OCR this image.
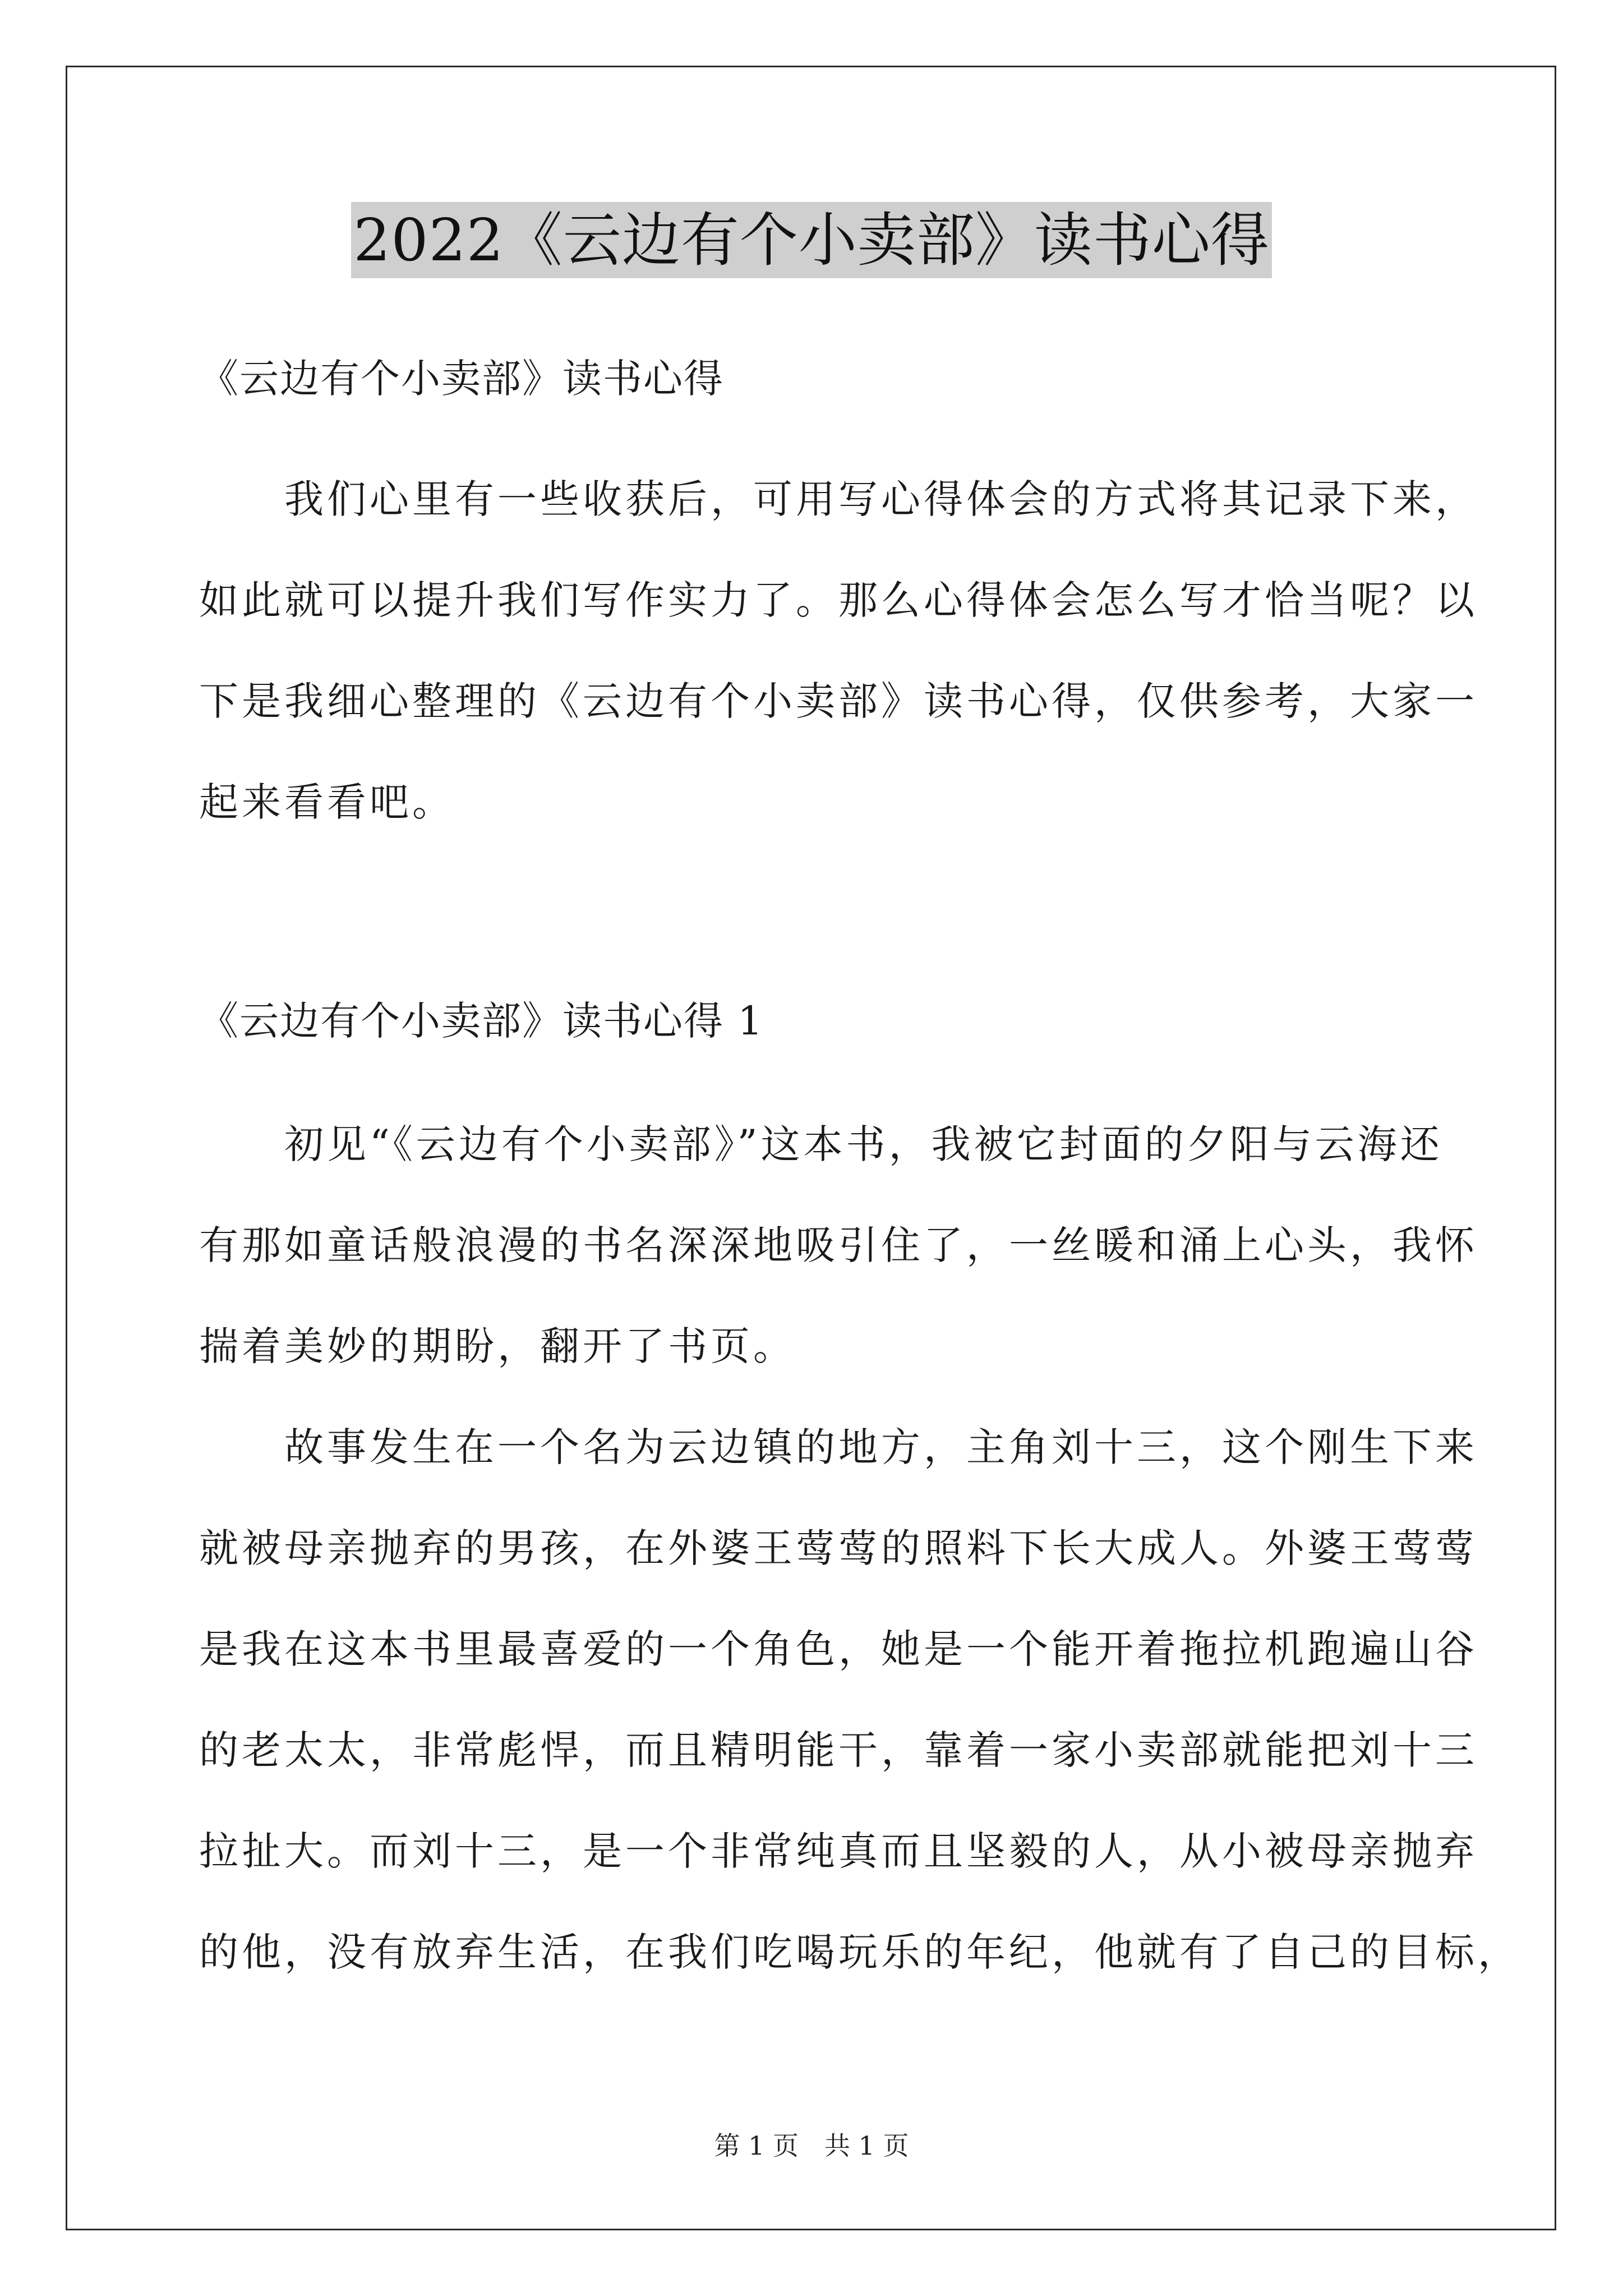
2022《云边有个小卖部》读书心得
《云边有个小卖部》读书心得
　　我们心里有一些收获后，可用写心得体会的方式将其记录下来，
如此就可以提升我们写作实力了。那么心得体会怎么写才恰当呢？以
下是我细心整理的《云边有个小卖部》读书心得，仅供参考，大家一
起来看看吧。
《云边有个小卖部》读书心得 1
　　初见“《云边有个小卖部》”这本书，我被它封面的夕阳与云海还
有那如童话般浪漫的书名深深地吸引住了，一丝暖和涌上心头，我怀
揣着美妙的期盼，翻开了书页。
　　故事发生在一个名为云边镇的地方，主角刘十三，这个刚生下来
就被母亲抛弃的男孩，在外婆王莺莺的照料下长大成人。外婆王莺莺
是我在这本书里最喜爱的一个角色，她是一个能开着拖拉机跑遍山谷
的老太太，非常彪悍，而且精明能干，靠着一家小卖部就能把刘十三
拉扯大。而刘十三，是一个非常纯真而且坚毅的人，从小被母亲抛弃
的他，没有放弃生活，在我们吃喝玩乐的年纪，他就有了自己的目标，
第 1 页　共 1 页
